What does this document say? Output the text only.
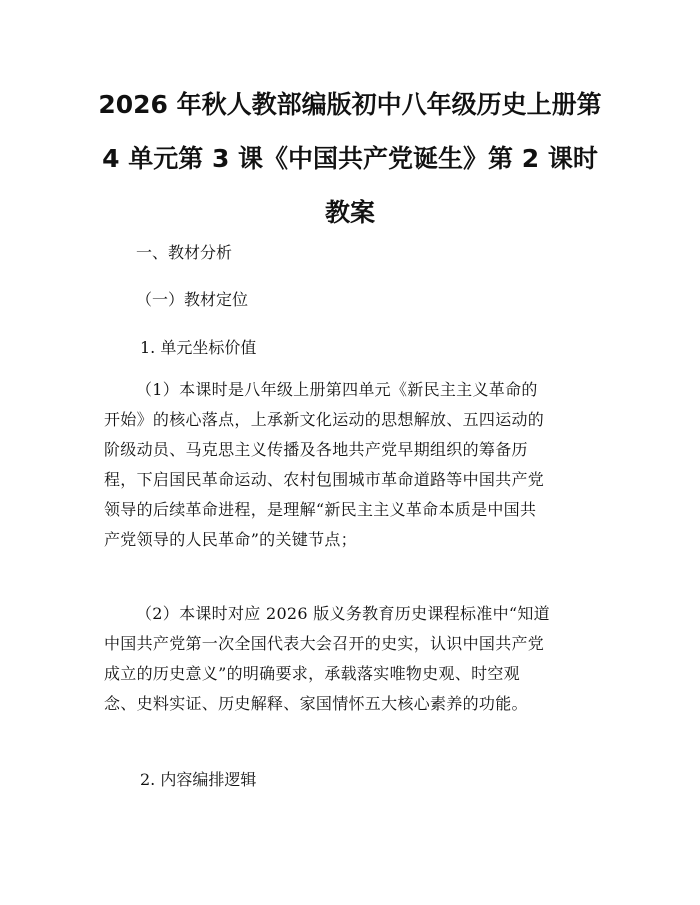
2026 年秋人教部编版初中八年级历史上册第
4 单元第 3 课《中国共产党诞生》第 2 课时
教案

一、教材分析

（一）教材定位

1. 单元坐标价值

（1）本课时是八年级上册第四单元《新民主主义革命的
开始》的核心落点，上承新文化运动的思想解放、五四运动的
阶级动员、马克思主义传播及各地共产党早期组织的筹备历
程，下启国民革命运动、农村包围城市革命道路等中国共产党
领导的后续革命进程，是理解“新民主主义革命本质是中国共
产党领导的人民革命”的关键节点；

（2）本课时对应 2026 版义务教育历史课程标准中“知道
中国共产党第一次全国代表大会召开的史实，认识中国共产党
成立的历史意义”的明确要求，承载落实唯物史观、时空观
念、史料实证、历史解释、家国情怀五大核心素养的功能。

2. 内容编排逻辑
